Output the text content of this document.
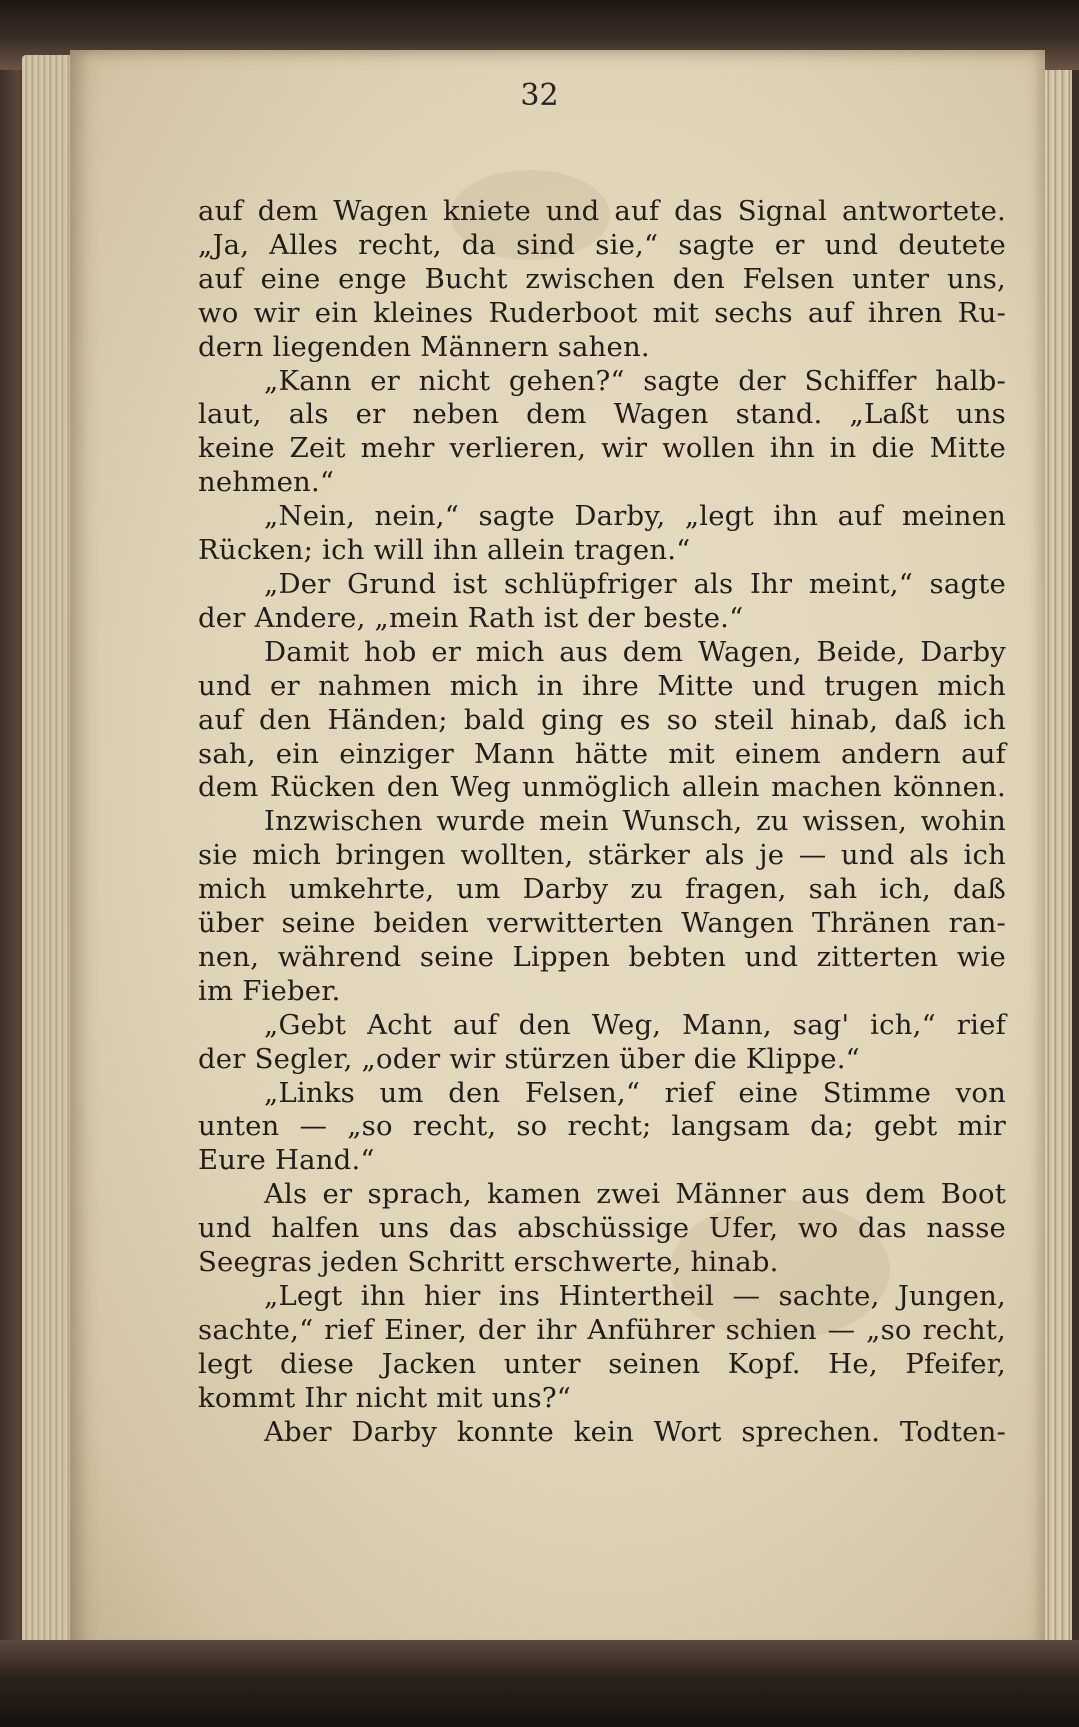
32
auf dem Wagen kniete und auf das Signal antwortete.
„Ja, Alles recht, da sind sie,“ sagte er und deutete
auf eine enge Bucht zwischen den Felsen unter uns,
wo wir ein kleines Ruderboot mit sechs auf ihren Ru-
dern liegenden Männern sahen.
„Kann er nicht gehen?“ sagte der Schiffer halb-
laut, als er neben dem Wagen stand. „Laßt uns
keine Zeit mehr verlieren, wir wollen ihn in die Mitte
nehmen.“
„Nein, nein,“ sagte Darby, „legt ihn auf meinen
Rücken; ich will ihn allein tragen.“
„Der Grund ist schlüpfriger als Ihr meint,“ sagte
der Andere, „mein Rath ist der beste.“
Damit hob er mich aus dem Wagen, Beide, Darby
und er nahmen mich in ihre Mitte und trugen mich
auf den Händen; bald ging es so steil hinab, daß ich
sah, ein einziger Mann hätte mit einem andern auf
dem Rücken den Weg unmöglich allein machen können.
Inzwischen wurde mein Wunsch, zu wissen, wohin
sie mich bringen wollten, stärker als je — und als ich
mich umkehrte, um Darby zu fragen, sah ich, daß
über seine beiden verwitterten Wangen Thränen ran-
nen, während seine Lippen bebten und zitterten wie
im Fieber.
„Gebt Acht auf den Weg, Mann, sag' ich,“ rief
der Segler, „oder wir stürzen über die Klippe.“
„Links um den Felsen,“ rief eine Stimme von
unten — „so recht, so recht; langsam da; gebt mir
Eure Hand.“
Als er sprach, kamen zwei Männer aus dem Boot
und halfen uns das abschüssige Ufer, wo das nasse
Seegras jeden Schritt erschwerte, hinab.
„Legt ihn hier ins Hintertheil — sachte, Jungen,
sachte,“ rief Einer, der ihr Anführer schien — „so recht,
legt diese Jacken unter seinen Kopf. He, Pfeifer,
kommt Ihr nicht mit uns?“
Aber Darby konnte kein Wort sprechen. Todten-
